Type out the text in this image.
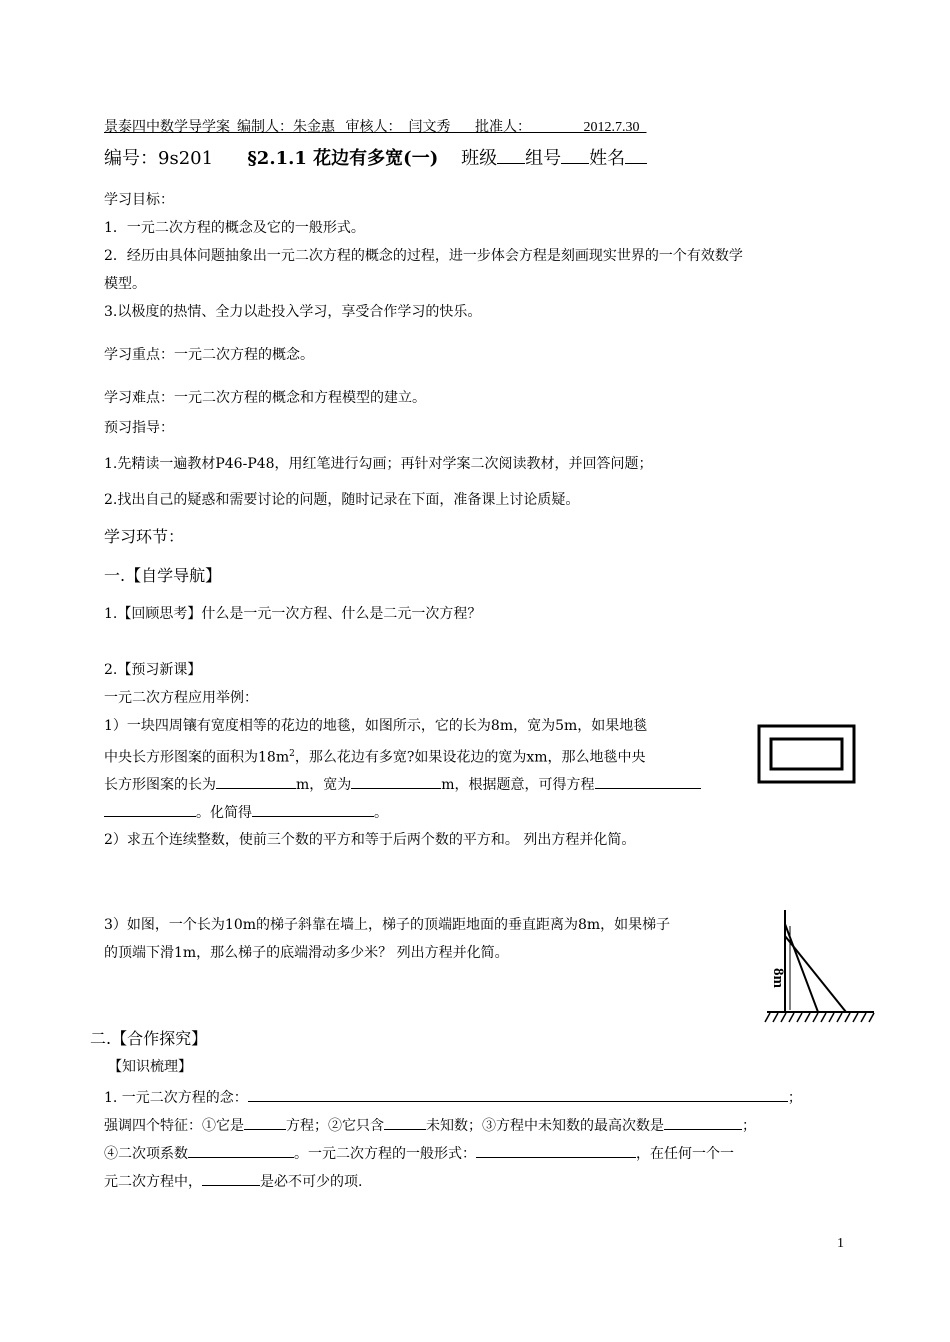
景泰四中数学导学案 编制人：朱金惠 审核人： 闫文秀 批准人：	2012.7.30
编号：9s201 §2.1.1 花边有多宽(一) 班级 组号 姓名
学习目标：
1．一元二次方程的概念及它的一般形式。
2．经历由具体问题抽象出一元二次方程的概念的过程，进一步体会方程是刻画现实世界的一个有效数学
模型。
3.以极度的热情、全力以赴投入学习，享受合作学习的快乐。
学习重点：一元二次方程的概念。
学习难点：一元二次方程的概念和方程模型的建立。
预习指导：
1.先精读一遍教材P46-P48，用红笔进行勾画；再针对学案二次阅读教材，并回答问题；
2.找出自己的疑惑和需要讨论的问题，随时记录在下面，准备课上讨论质疑。
学习环节：
一.【自学导航】
1.【回顾思考】什么是一元一次方程、什么是二元一次方程？
2.【预习新课】
一元二次方程应用举例：
1）一块四周镶有宽度相等的花边的地毯，如图所示，它的长为8m，宽为5m，如果地毯
中央长方形图案的面积为$18m^2$，那么花边有多宽?如果设花边的宽为xm，那么地毯中央
长方形图案的长为	m，宽为	m，根据题意，可得方程
。化简得	。
2）求五个连续整数，使前三个数的平方和等于后两个数的平方和。 列出方程并化简。
3）如图，一个长为10m的梯子斜靠在墙上，梯子的顶端距地面的垂直距离为8m，如果梯子
的顶端下滑1m，那么梯子的底端滑动多少米？ 列出方程并化简。
8m
二.【合作探究】
【知识梳理】
1. 一元二次方程的念：	；
强调四个特征：①它是	方程；②它只含	未知数；③方程中未知数的最高次数是	；
④二次项系数	。一元二次方程的一般形式：	，在任何一个一
元二次方程中，	是必不可少的项.
1
